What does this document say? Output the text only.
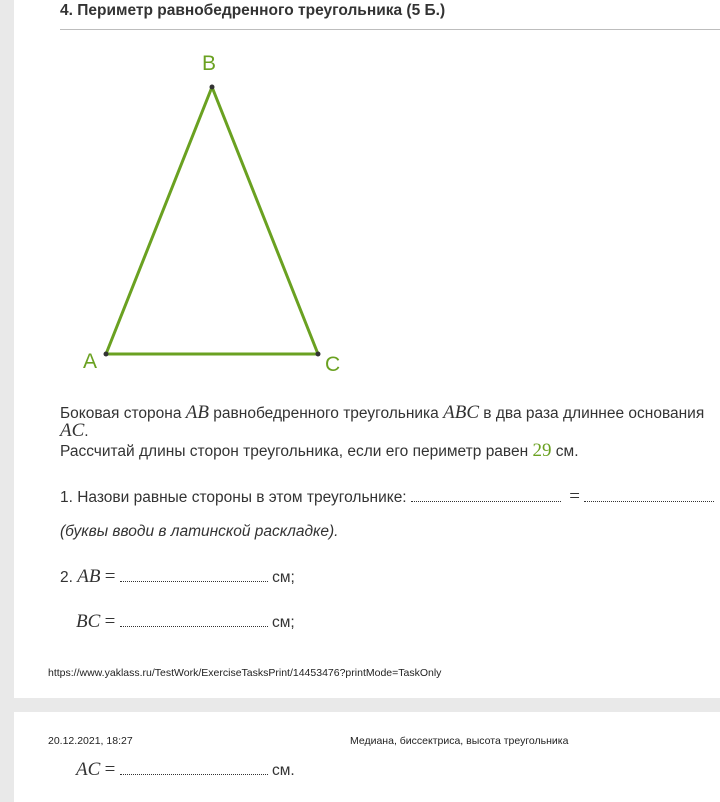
4. Периметр равнобедренного треугольника (5 Б.)
B
A	C
Боковая сторона AB равнобедренного треугольника ABC в два раза длиннее основания
AC.
Рассчитай длины сторон треугольника, если его периметр равен 29 см.
1. Назови равные стороны в этом треугольнике:	=
(буквы вводи в латинской раскладке).
2. AB =	см;
BC =	см;
https://www.yaklass.ru/TestWork/ExerciseTasksPrint/14453476?printMode=TaskOnly
20.12.2021, 18:27	Медиана, биссектриса, высота треугольника
AC =	см.
